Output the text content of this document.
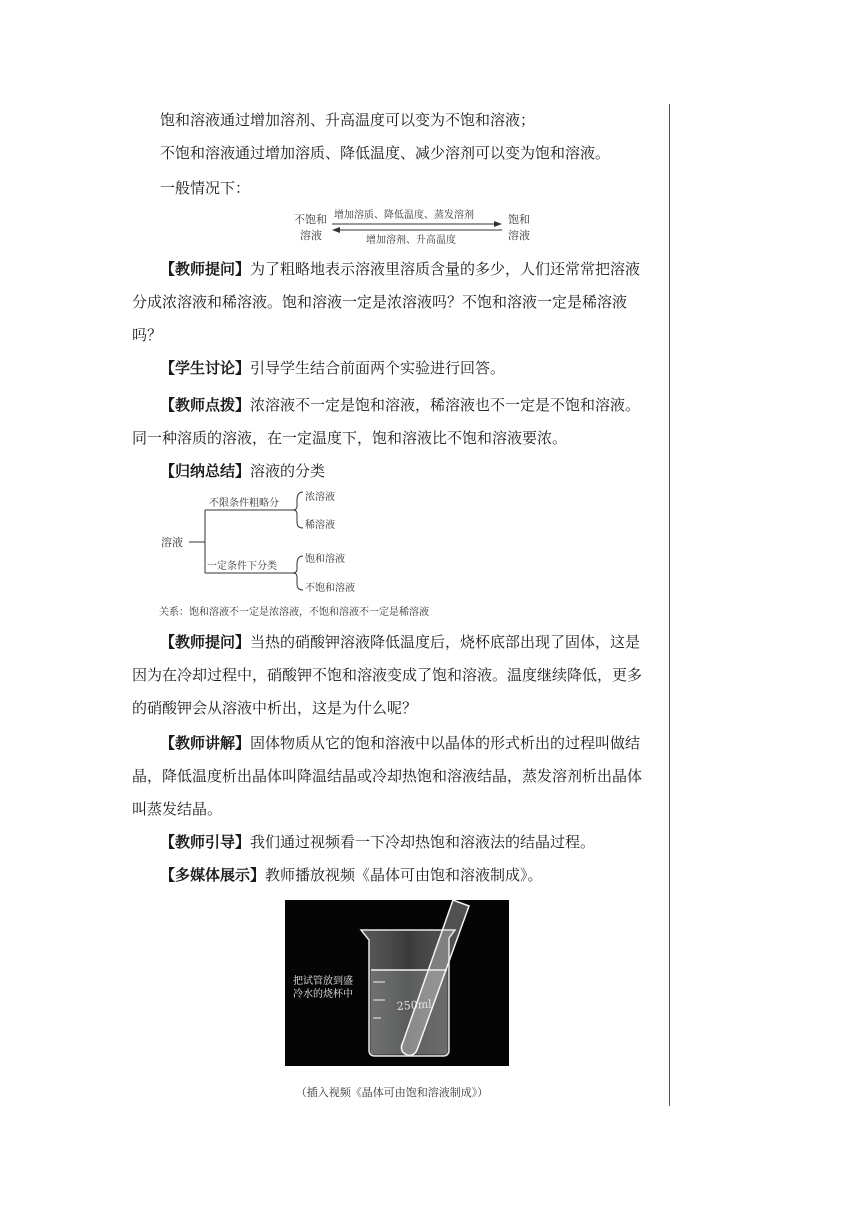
饱和溶液通过增加溶剂、升高温度可以变为不饱和溶液；

不饱和溶液通过增加溶质、降低温度、减少溶剂可以变为饱和溶液。

一般情况下：

不饱和
溶液
增加溶质、降低温度、蒸发溶剂
增加溶剂、升高温度
饱和
溶液

【教师提问】为了粗略地表示溶液里溶质含量的多少，人们还常常把溶液分成浓溶液和稀溶液。饱和溶液一定是浓溶液吗？不饱和溶液一定是稀溶液吗？

【学生讨论】引导学生结合前面两个实验进行回答。

【教师点拨】浓溶液不一定是饱和溶液，稀溶液也不一定是不饱和溶液。同一种溶质的溶液，在一定温度下，饱和溶液比不饱和溶液要浓。

【归纳总结】溶液的分类

溶液
不限条件粗略分
一定条件下分类
浓溶液
稀溶液
饱和溶液
不饱和溶液
关系：饱和溶液不一定是浓溶液，不饱和溶液不一定是稀溶液

【教师提问】当热的硝酸钾溶液降低温度后，烧杯底部出现了固体，这是因为在冷却过程中，硝酸钾不饱和溶液变成了饱和溶液。温度继续降低，更多的硝酸钾会从溶液中析出，这是为什么呢？

【教师讲解】固体物质从它的饱和溶液中以晶体的形式析出的过程叫做结晶，降低温度析出晶体叫降温结晶或冷却热饱和溶液结晶，蒸发溶剂析出晶体叫蒸发结晶。

【教师引导】我们通过视频看一下冷却热饱和溶液法的结晶过程。

【多媒体展示】教师播放视频《晶体可由饱和溶液制成》。

250ml
把试管放到盛
冷水的烧杯中
（插入视频《晶体可由饱和溶液制成》）
